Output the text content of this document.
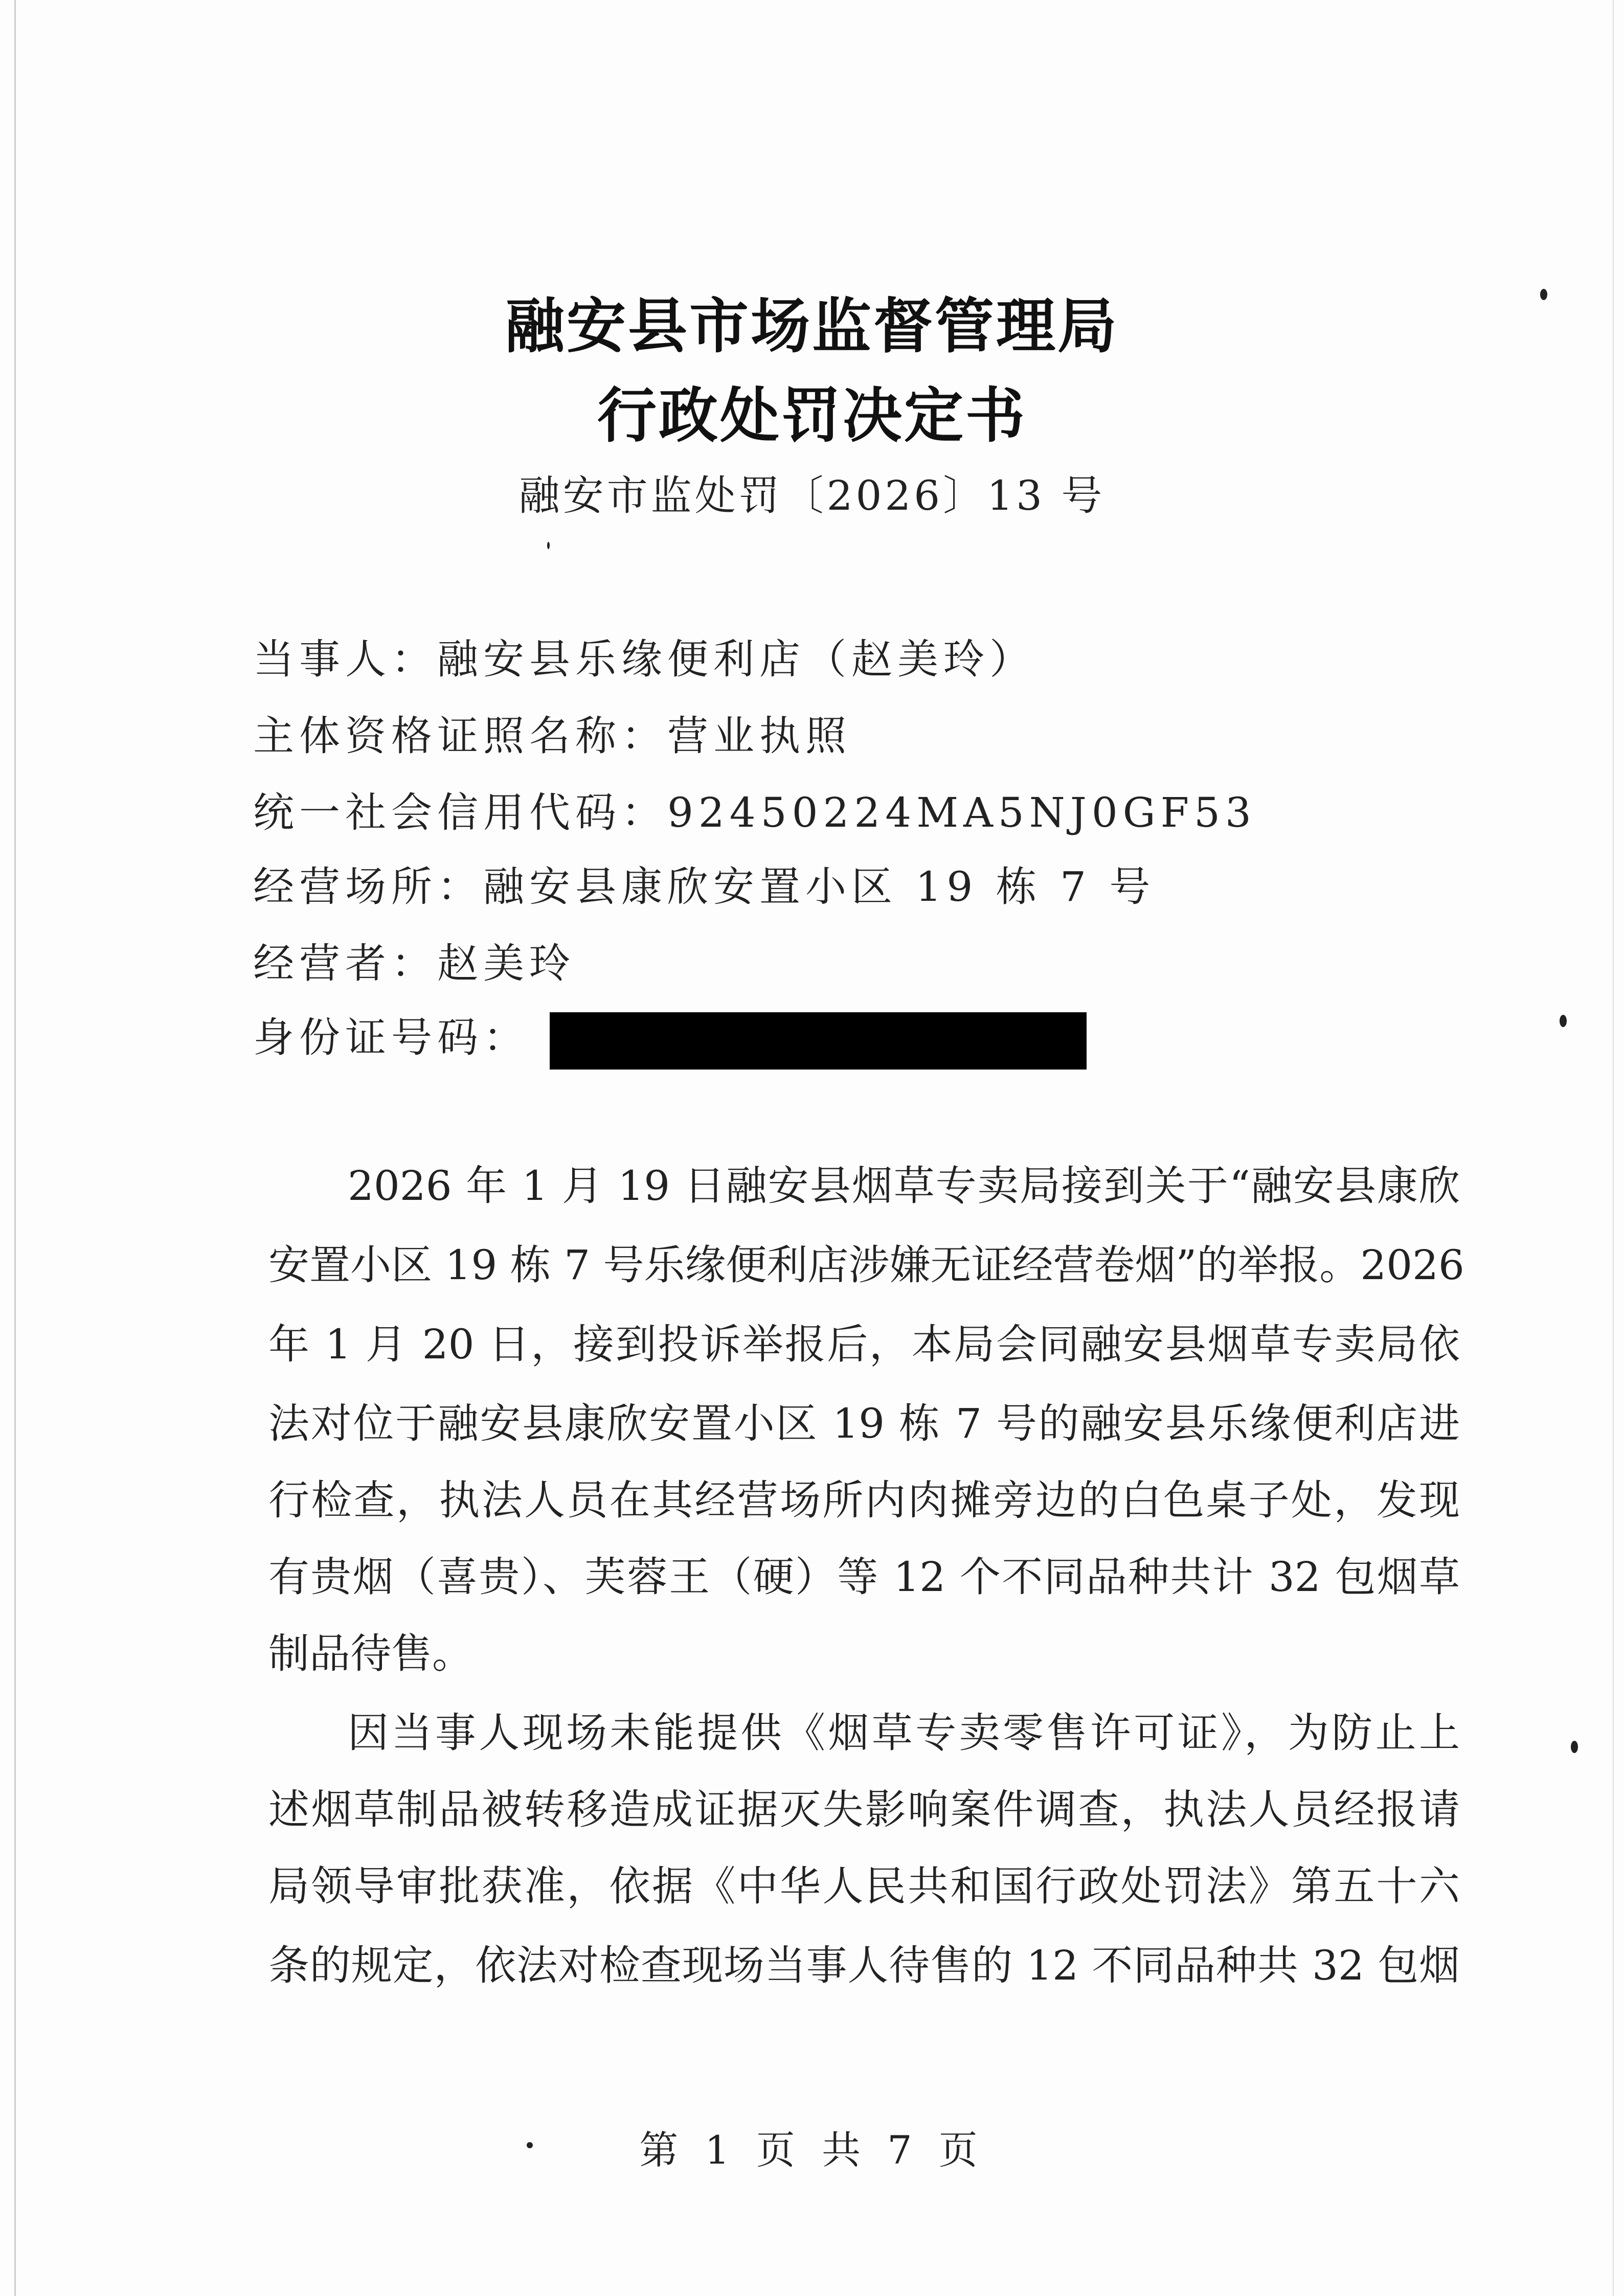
融安县市场监督管理局
行政处罚决定书
融安市监处罚〔2026〕13 号
当事人：融安县乐缘便利店（赵美玲）
主体资格证照名称：营业执照
统一社会信用代码：92450224MA5NJ0GF53
经营场所：融安县康欣安置小区 19 栋 7 号
经营者：赵美玲
身份证号码：
2026 年 1 月 19 日融安县烟草专卖局接到关于“融安县康欣
安置小区 19 栋 7 号乐缘便利店涉嫌无证经营卷烟”的举报。2026
年 1 月 20 日，接到投诉举报后，本局会同融安县烟草专卖局依
法对位于融安县康欣安置小区 19 栋 7 号的融安县乐缘便利店进
行检查，执法人员在其经营场所内肉摊旁边的白色桌子处，发现
有贵烟（喜贵）、芙蓉王（硬）等 12 个不同品种共计 32 包烟草
制品待售。
因当事人现场未能提供《烟草专卖零售许可证》，为防止上
述烟草制品被转移造成证据灭失影响案件调查，执法人员经报请
局领导审批获准，依据《中华人民共和国行政处罚法》第五十六
条的规定，依法对检查现场当事人待售的 12 不同品种共 32 包烟
第 1 页 共 7 页
